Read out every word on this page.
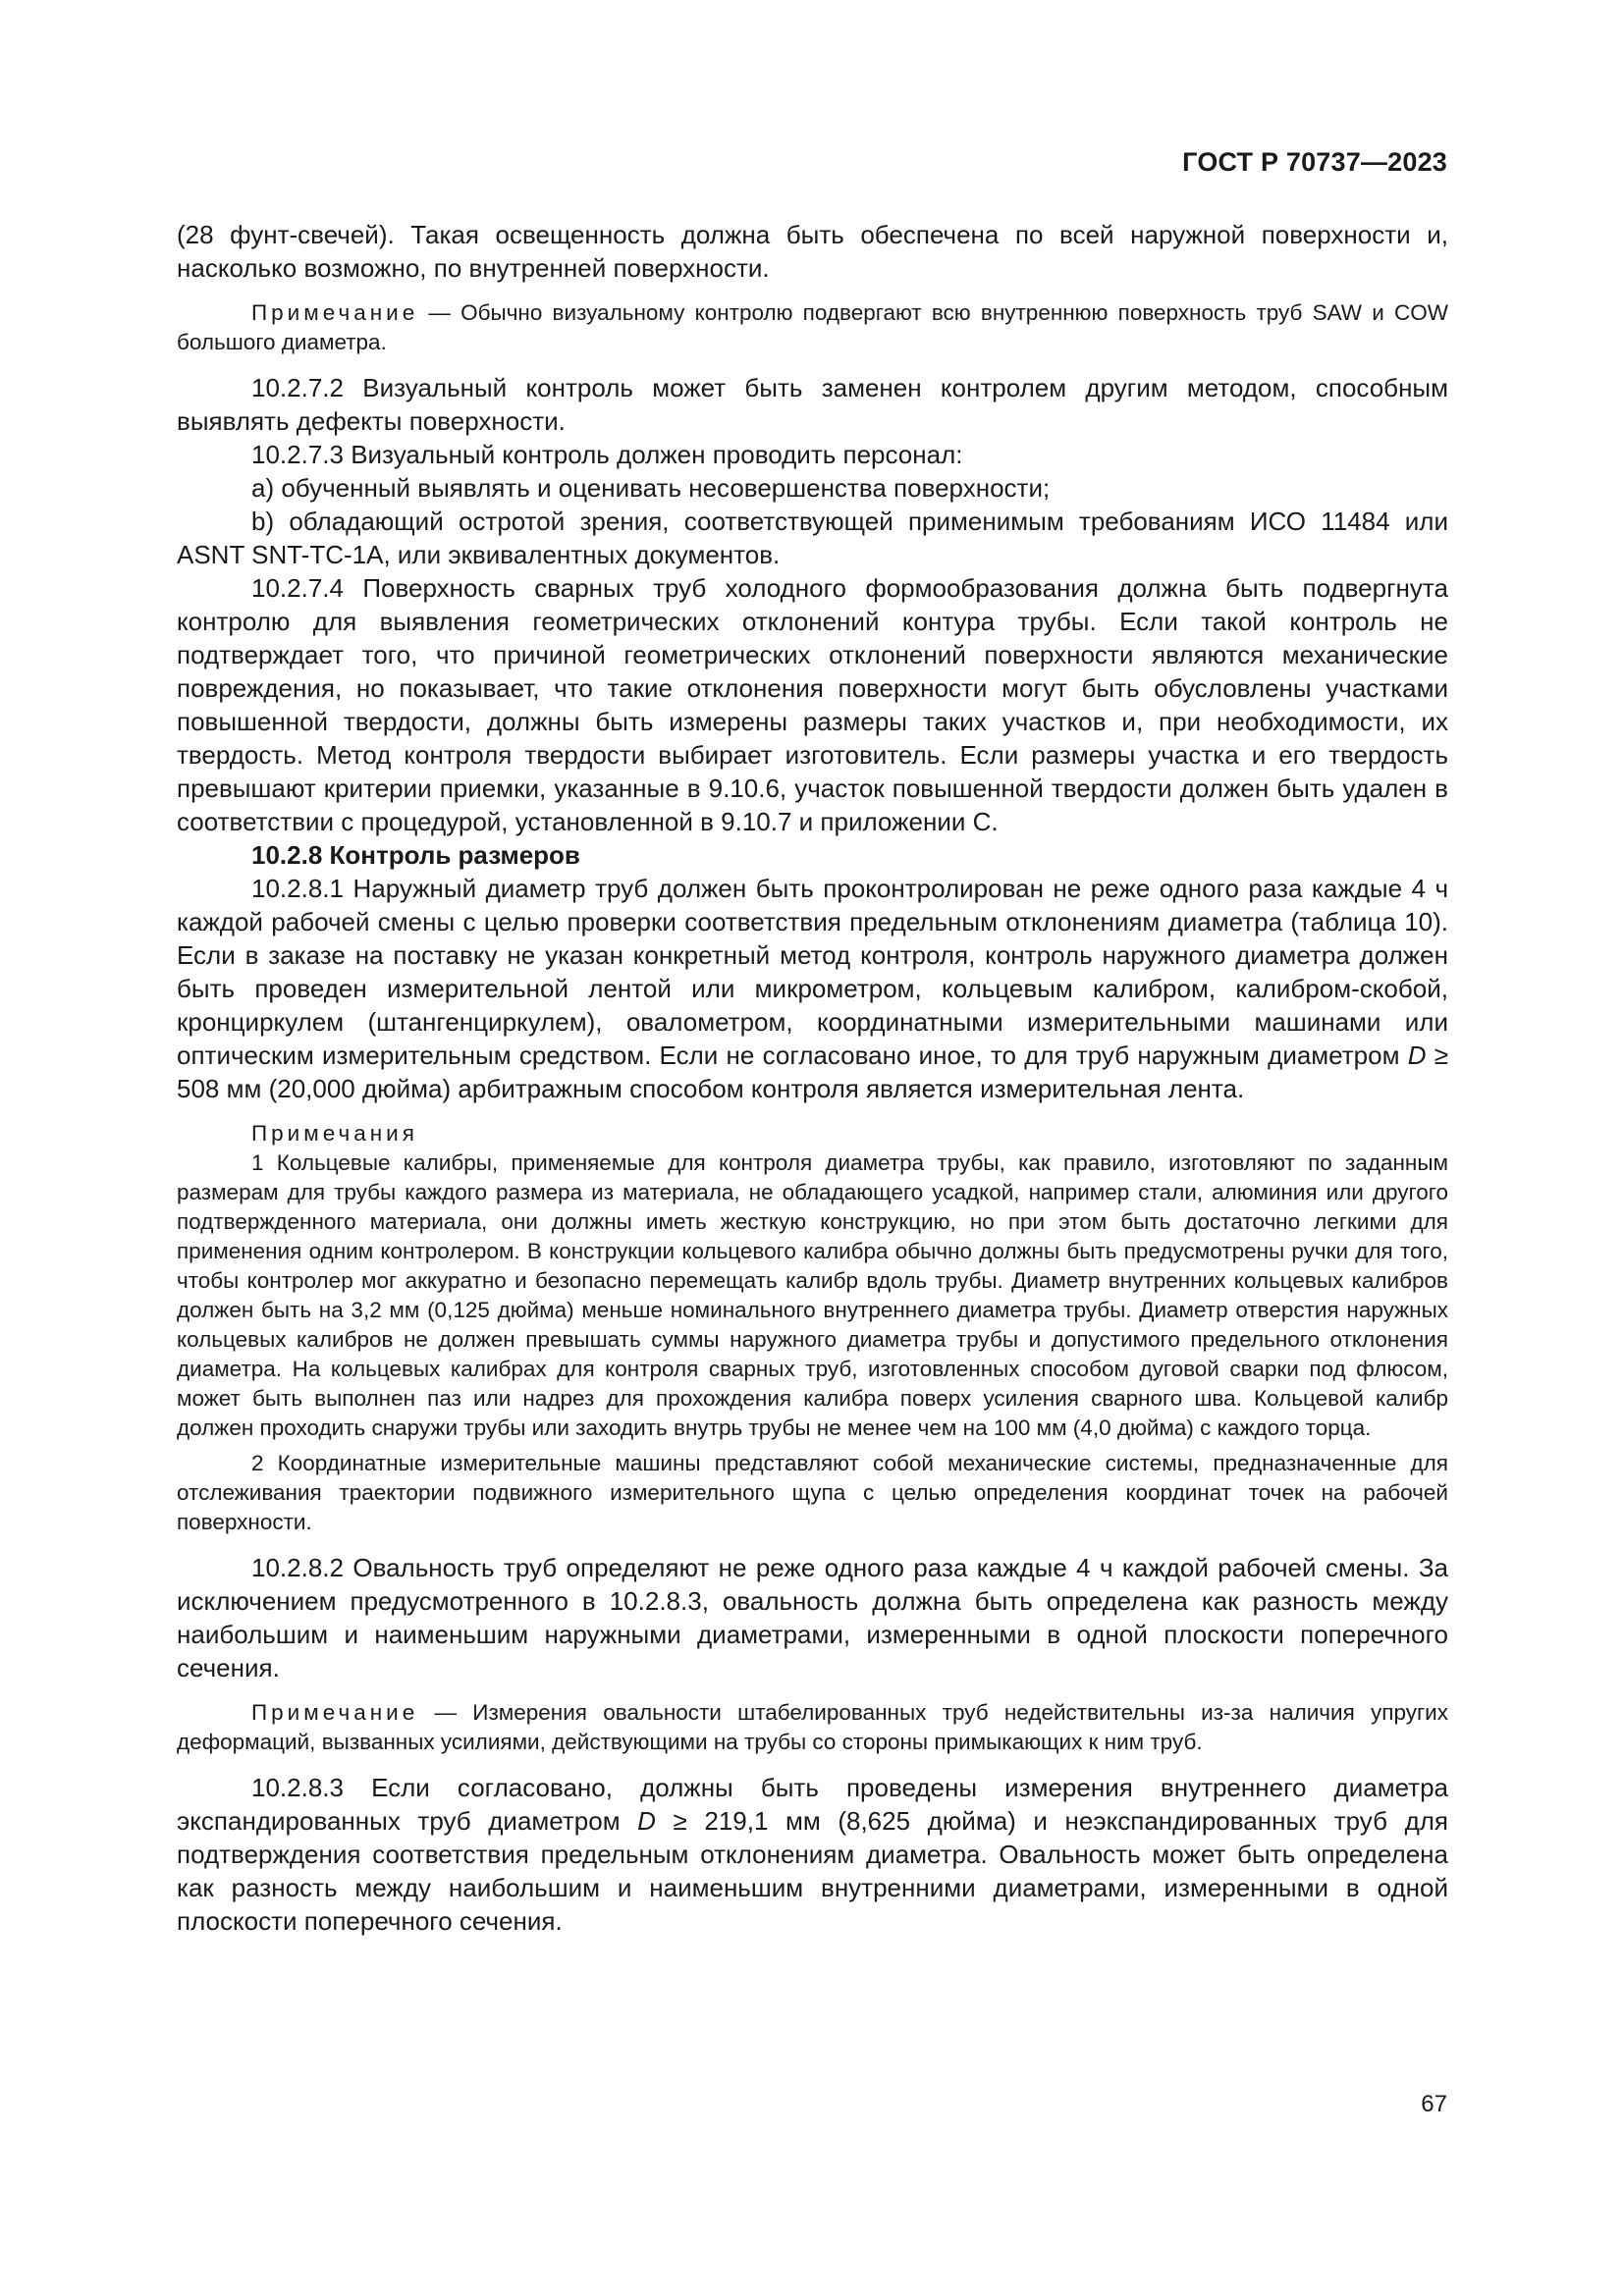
ГОСТ Р 70737—2023

(28 фунт-свечей). Такая освещенность должна быть обеспечена по всей наружной поверхности и, насколько возможно, по внутренней поверхности.

Примечание — Обычно визуальному контролю подвергают всю внутреннюю поверхность труб SAW и COW большого диаметра.

10.2.7.2 Визуальный контроль может быть заменен контролем другим методом, способным выявлять дефекты поверхности.

10.2.7.3 Визуальный контроль должен проводить персонал:

a) обученный выявлять и оценивать несовершенства поверхности;

b) обладающий остротой зрения, соответствующей применимым требованиям ИСО 11484 или ASNT SNT-TC-1A, или эквивалентных документов.

10.2.7.4 Поверхность сварных труб холодного формообразования должна быть подвергнута контролю для выявления геометрических отклонений контура трубы. Если такой контроль не подтверждает того, что причиной геометрических отклонений поверхности являются механические повреждения, но показывает, что такие отклонения поверхности могут быть обусловлены участками повышенной твердости, должны быть измерены размеры таких участков и, при необходимости, их твердость. Метод контроля твердости выбирает изготовитель. Если размеры участка и его твердость превышают критерии приемки, указанные в 9.10.6, участок повышенной твердости должен быть удален в соответствии с процедурой, установленной в 9.10.7 и приложении С.

10.2.8 Контроль размеров

10.2.8.1 Наружный диаметр труб должен быть проконтролирован не реже одного раза каждые 4 ч каждой рабочей смены с целью проверки соответствия предельным отклонениям диаметра (таблица 10). Если в заказе на поставку не указан конкретный метод контроля, контроль наружного диаметра должен быть проведен измерительной лентой или микрометром, кольцевым калибром, калибром-скобой, кронциркулем (штангенциркулем), овалометром, координатными измерительными машинами или оптическим измерительным средством. Если не согласовано иное, то для труб наружным диаметром D ≥ 508 мм (20,000 дюйма) арбитражным способом контроля является измерительная лента.

Примечания

1 Кольцевые калибры, применяемые для контроля диаметра трубы, как правило, изготовляют по заданным размерам для трубы каждого размера из материала, не обладающего усадкой, например стали, алюминия или другого подтвержденного материала, они должны иметь жесткую конструкцию, но при этом быть достаточно легкими для применения одним контролером. В конструкции кольцевого калибра обычно должны быть предусмотрены ручки для того, чтобы контролер мог аккуратно и безопасно перемещать калибр вдоль трубы. Диаметр внутренних кольцевых калибров должен быть на 3,2 мм (0,125 дюйма) меньше номинального внутреннего диаметра трубы. Диаметр отверстия наружных кольцевых калибров не должен превышать суммы наружного диаметра трубы и допустимого предельного отклонения диаметра. На кольцевых калибрах для контроля сварных труб, изготовленных способом дуговой сварки под флюсом, может быть выполнен паз или надрез для прохождения калибра поверх усиления сварного шва. Кольцевой калибр должен проходить снаружи трубы или заходить внутрь трубы не менее чем на 100 мм (4,0 дюйма) с каждого торца.

2 Координатные измерительные машины представляют собой механические системы, предназначенные для отслеживания траектории подвижного измерительного щупа с целью определения координат точек на рабочей поверхности.

10.2.8.2 Овальность труб определяют не реже одного раза каждые 4 ч каждой рабочей смены. За исключением предусмотренного в 10.2.8.3, овальность должна быть определена как разность между наибольшим и наименьшим наружными диаметрами, измеренными в одной плоскости поперечного сечения.

Примечание — Измерения овальности штабелированных труб недействительны из-за наличия упругих деформаций, вызванных усилиями, действующими на трубы со стороны примыкающих к ним труб.

10.2.8.3 Если согласовано, должны быть проведены измерения внутреннего диаметра экспандированных труб диаметром D ≥ 219,1 мм (8,625 дюйма) и неэкспандированных труб для подтверждения соответствия предельным отклонениям диаметра. Овальность может быть определена как разность между наибольшим и наименьшим внутренними диаметрами, измеренными в одной плоскости поперечного сечения.

67
